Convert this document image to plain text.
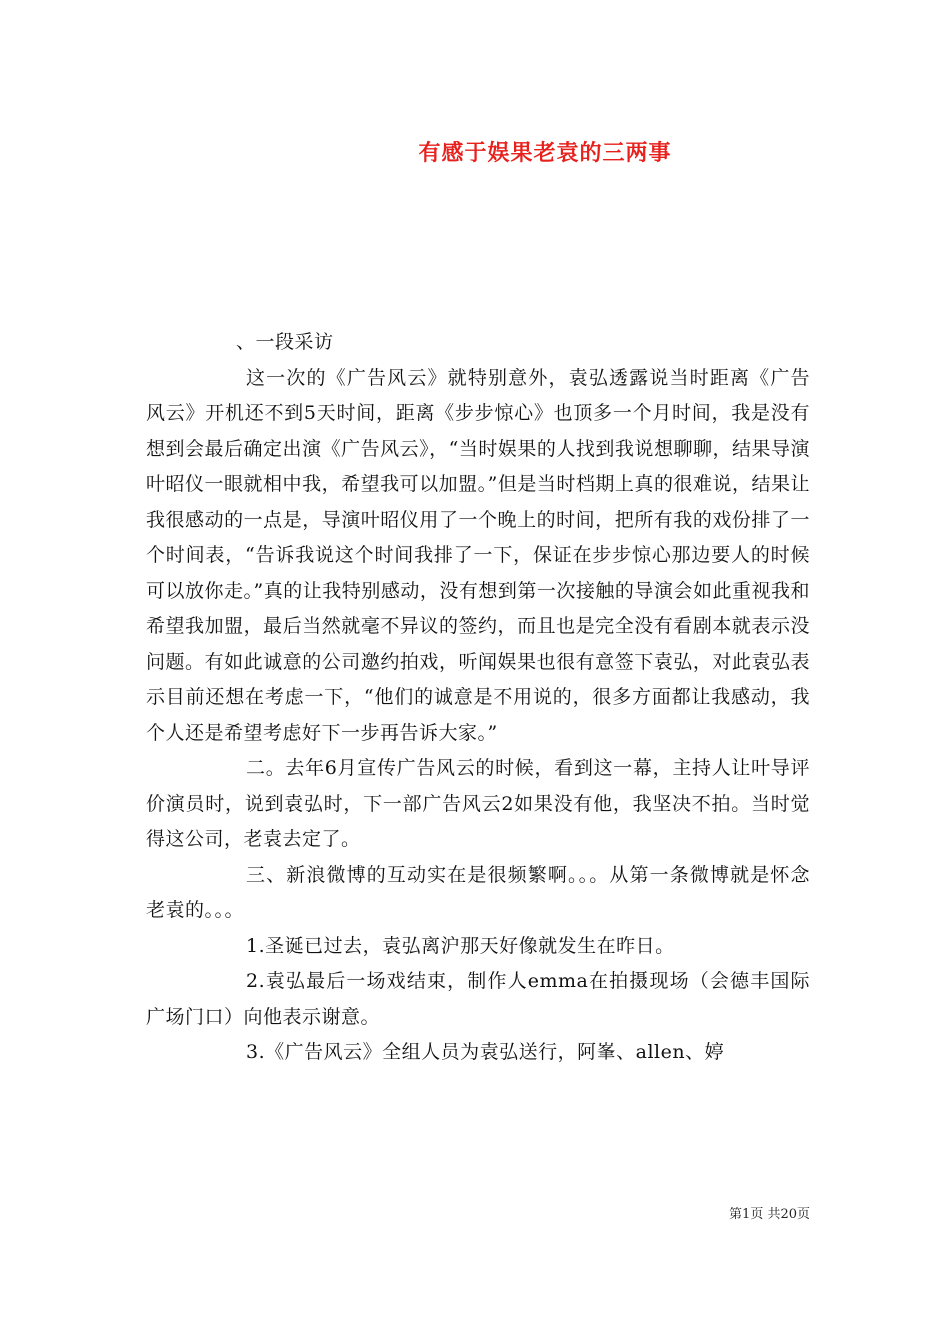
有感于娱果老袁的三两事

、一段采访

这一次的《广告风云》就特别意外，袁弘透露说当时距离《广告风云》开机还不到5天时间，距离《步步惊心》也顶多一个月时间，我是没有想到会最后确定出演《广告风云》，“当时娱果的人找到我说想聊聊，结果导演叶昭仪一眼就相中我，希望我可以加盟。”但是当时档期上真的很难说，结果让我很感动的一点是，导演叶昭仪用了一个晚上的时间，把所有我的戏份排了一个时间表，“告诉我说这个时间我排了一下，保证在步步惊心那边要人的时候可以放你走。”真的让我特别感动，没有想到第一次接触的导演会如此重视我和希望我加盟，最后当然就毫不异议的签约，而且也是完全没有看剧本就表示没问题。有如此诚意的公司邀约拍戏，听闻娱果也很有意签下袁弘，对此袁弘表示目前还想在考虑一下，“他们的诚意是不用说的，很多方面都让我感动，我个人还是希望考虑好下一步再告诉大家。”

二。去年6月宣传广告风云的时候，看到这一幕，主持人让叶导评价演员时，说到袁弘时，下一部广告风云2如果没有他，我坚决不拍。当时觉得这公司，老袁去定了。

三、新浪微博的互动实在是很频繁啊。。。从第一条微博就是怀念老袁的。。。

1.圣诞已过去，袁弘离沪那天好像就发生在昨日。

2.袁弘最后一场戏结束，制作人emma在拍摄现场（会德丰国际广场门口）向他表示谢意。

3.《广告风云》全组人员为袁弘送行，阿峯、allen、婷

第1页 共20页
